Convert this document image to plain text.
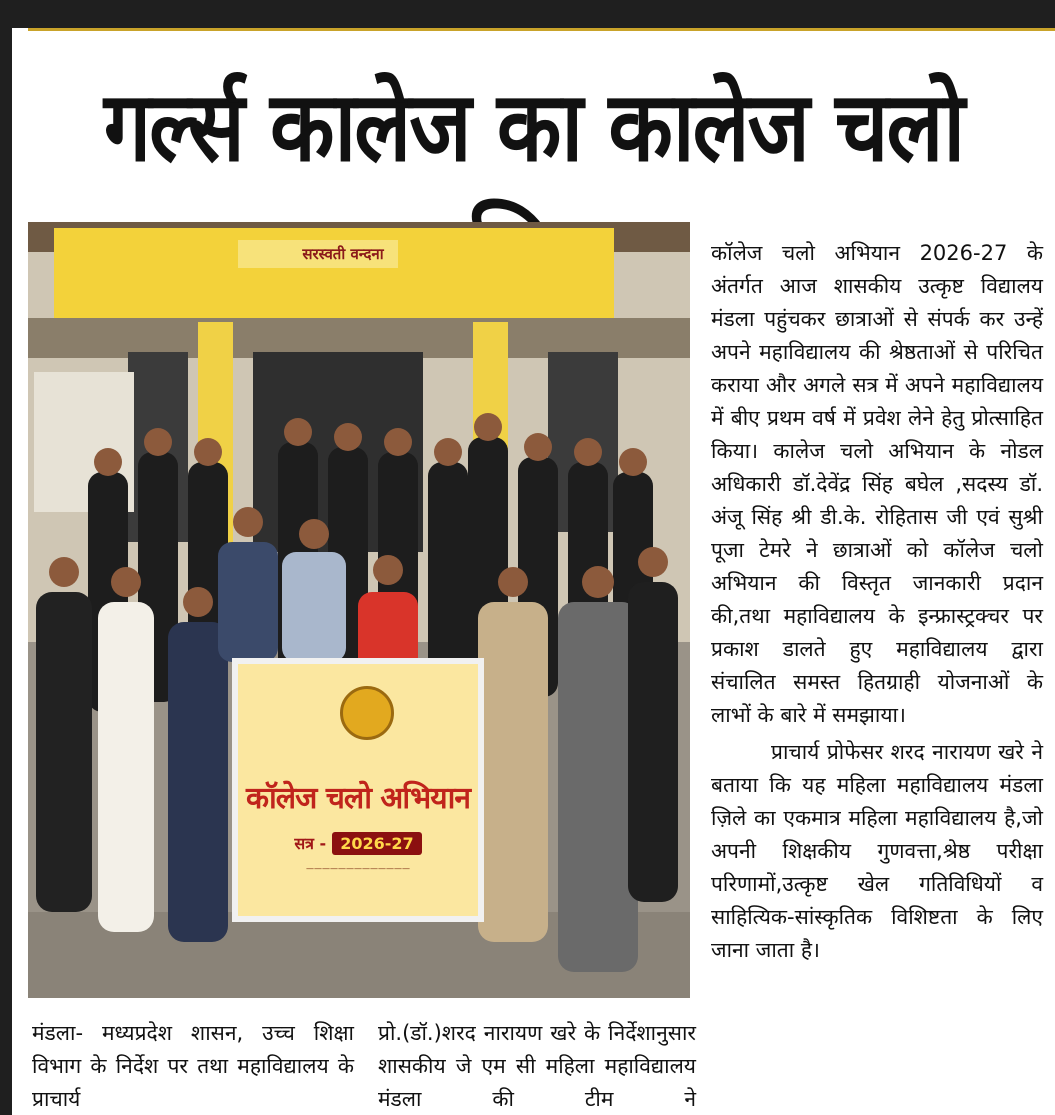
गर्ल्स कालेज का कालेज चलो
सरस्वती वन्दना
कॉलेज चलो अभियान
सत्र - 2026-27
—————————————

कॉलेज चलो अभियान 2026-27 के अंतर्गत आज शासकीय उत्कृष्ट विद्यालय मंडला पहुंचकर छात्राओं से संपर्क कर उन्हें अपने महाविद्यालय की श्रेष्ठताओं से परिचित कराया और अगले सत्र में अपने महाविद्यालय में बीए प्रथम वर्ष में प्रवेश लेने हेतु प्रोत्साहित किया। कालेज चलो अभियान के नोडल अधिकारी डॉ.देवेंद्र सिंह बघेल ,सदस्य डॉ. अंजू सिंह श्री डी.के. रोहितास जी एवं सुश्री पूजा टेमरे ने छात्राओं को कॉलेज चलो अभियान की विस्तृत जानकारी प्रदान की,तथा महाविद्यालय के इन्फ्रास्ट्रक्चर पर प्रकाश डालते हुए महाविद्यालय द्वारा संचालित समस्त हितग्राही योजनाओं के लाभों के बारे में समझाया।

प्राचार्य प्रोफेसर शरद नारायण खरे ने बताया कि यह महिला महाविद्यालय मंडला ज़िले का एकमात्र महिला महाविद्यालय है,जो अपनी शिक्षकीय गुणवत्ता,श्रेष्ठ परीक्षा परिणामों,उत्कृष्ट खेल गतिविधियों व साहित्यिक-सांस्कृतिक विशिष्टता के लिए जाना जाता है।

मंडला- मध्यप्रदेश शासन, उच्च शिक्षा विभाग के निर्देश पर तथा महाविद्यालय के प्राचार्य
प्रो.(डॉ.)शरद नारायण खरे के निर्देशानुसार शासकीय जे एम सी महिला महाविद्यालय मंडला की टीम ने
